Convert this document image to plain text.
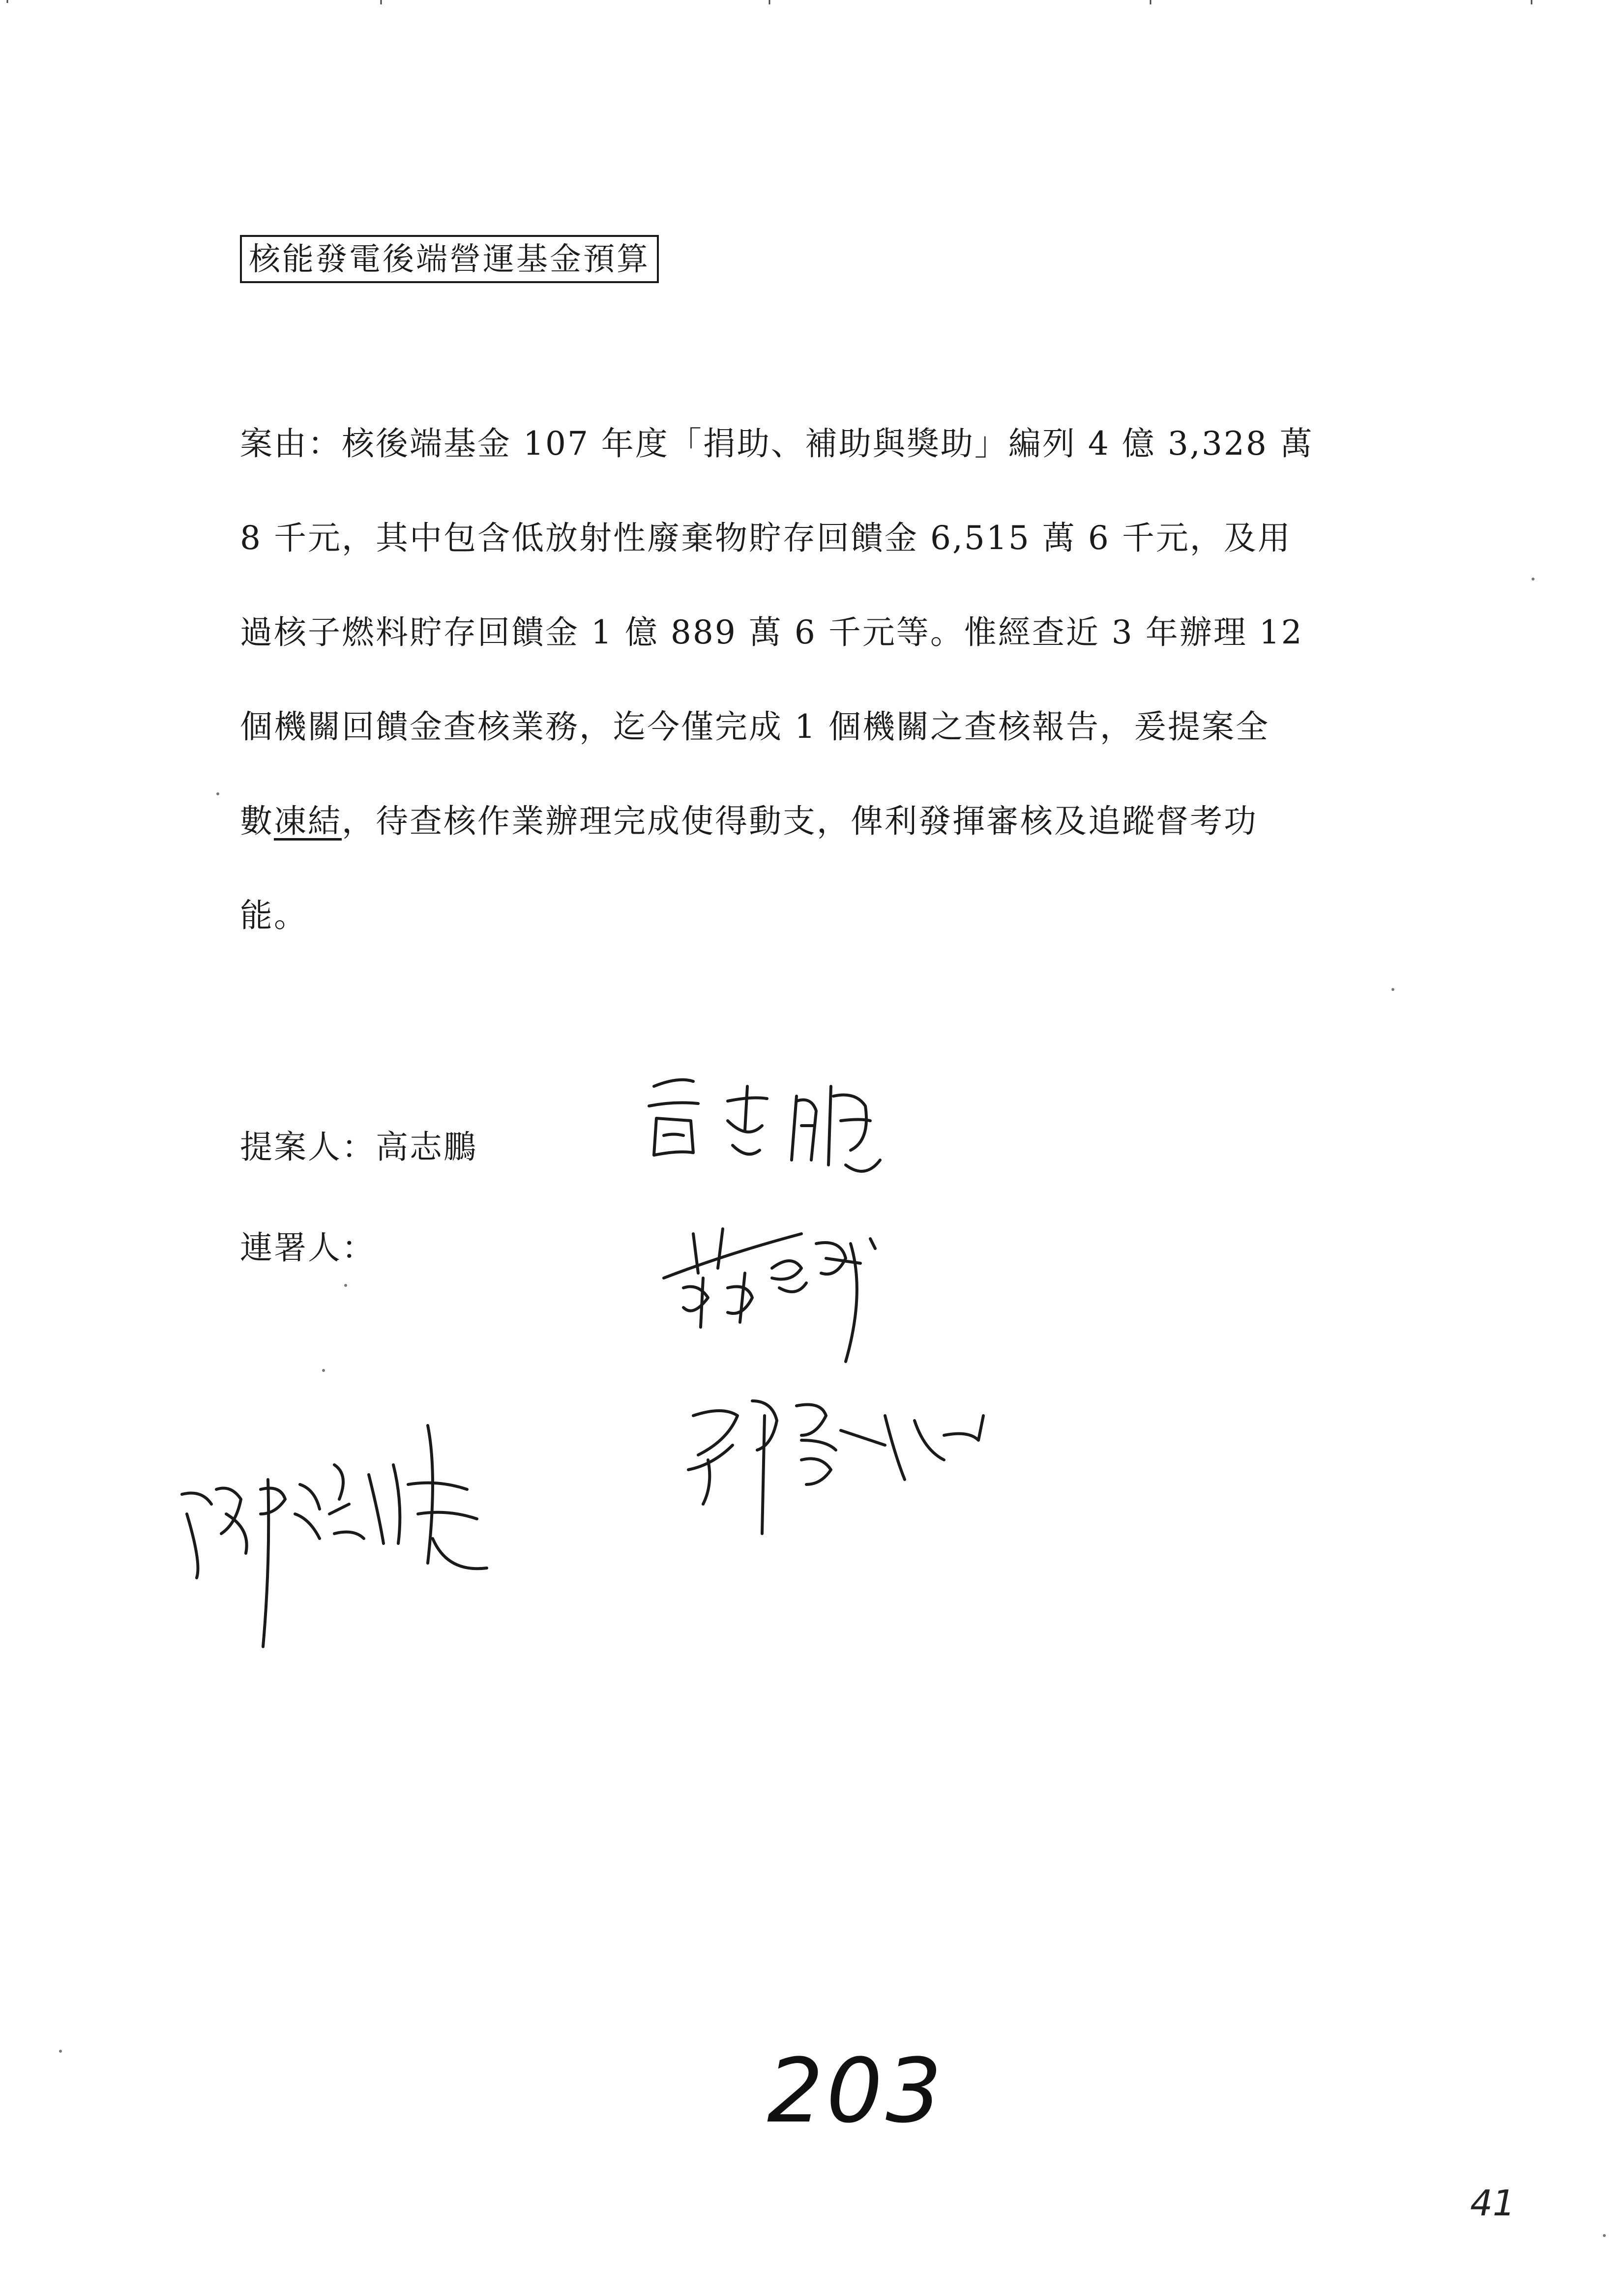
核能發電後端營運基金預算
案由：核後端基金 107 年度「捐助、補助與獎助」編列 4 億 3,328 萬
8 千元，其中包含低放射性廢棄物貯存回饋金 6,515 萬 6 千元，及用
過核子燃料貯存回饋金 1 億 889 萬 6 千元等。惟經查近 3 年辦理 12
個機關回饋金查核業務，迄今僅完成 1 個機關之查核報告，爰提案全
數凍結，待查核作業辦理完成使得動支，俾利發揮審核及追蹤督考功
能。
提案人：高志鵬
連署人：
203
41
